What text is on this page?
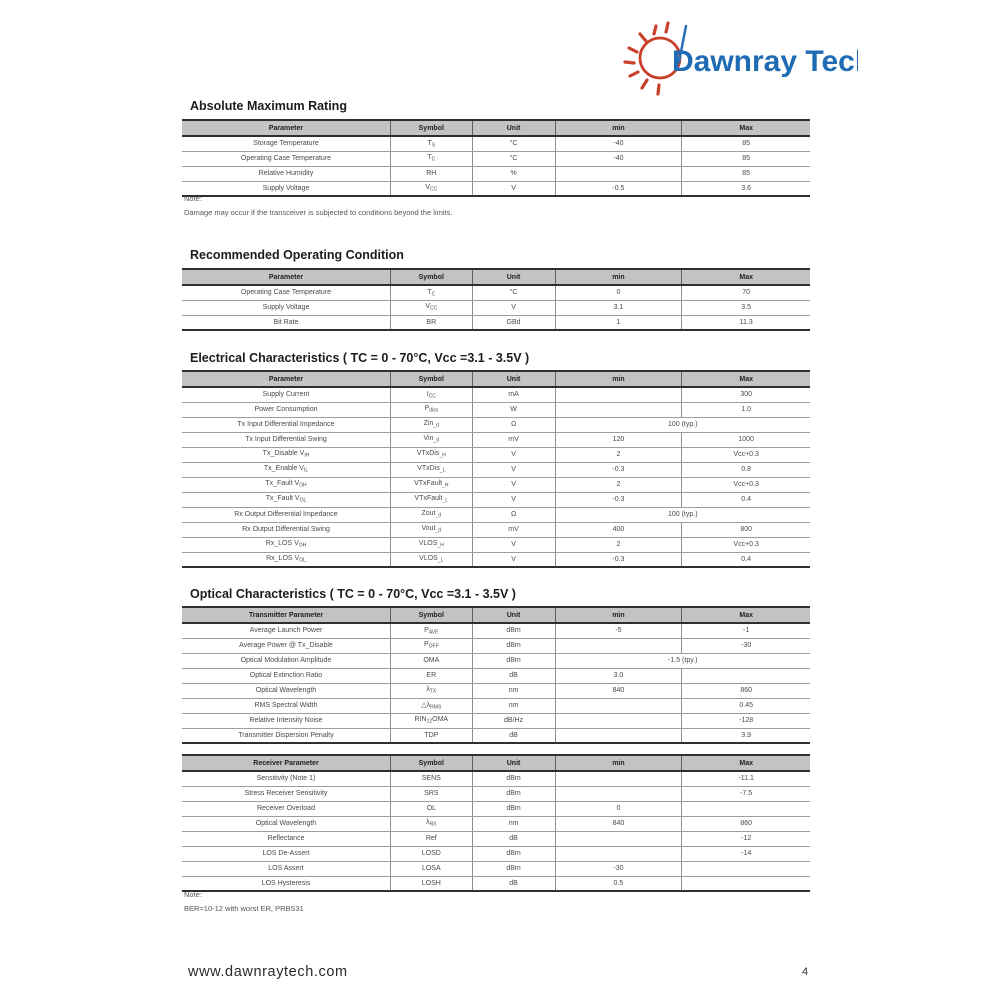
Dawnray Tech
Absolute Maximum Rating
Parameter	Symbol	Unit	min	Max
Storage Temperature	$T_S$	°C	-40	85
Operating Case Temperature	$T_C$	°C	-40	85
Relative Humidity	RH	%		85
Supply Voltage	$V_{CC}$	V	-0.5	3.6
Note:
Damage may occur if the transceiver is subjected to conditions beyond the limits.
Recommended Operating Condition
Parameter	Symbol	Unit	min	Max
Operating Case Temperature	$T_C$	°C	0	70
Supply Voltage	$V_{CC}$	V	3.1	3.5
Bit Rate	BR	GBd	1	11.3
Electrical Characteristics ( TC = 0 - 70°C, Vcc =3.1 - 3.5V )
Parameter	Symbol	Unit	min	Max
Supply Current	$I_{CC}$	mA		300
Power Consumption	$P_{diss}$	W		1.0
Tx Input Differential Impedance	Zin$_{\_d}$	Ω	100 (typ.)	
Tx Input Differential Swing	Vin$_{\_d}$	mV	120	1000
Tx_Disable $V_{IH}$	VTxDis$_{\_H}$	V	2	Vcc+0.3
Tx_Enable $V_{IL}$	VTxDis$_{\_L}$	V	-0.3	0.8
Tx_Fault $V_{OH}$	VTxFault$_{\_H}$	V	2	Vcc+0.3
Tx_Fault $V_{OL}$	VTxFault$_{\_L}$	V	-0.3	0.4
Rx Output Differential Impedance	Zout$_{\_d}$	Ω	100 (typ.)	
Rx Output Differential Swing	Vout$_{\_d}$	mV	400	800
Rx_LOS $V_{OH}$	$VLOS_{\_H}$	V	2	Vcc+0.3
Rx_LOS $V_{OL}$	$VLOS_{\_L}$	V	-0.3	0.4
Optical Characteristics ( TC = 0 - 70°C, Vcc =3.1 - 3.5V )
Transmitter Parameter	Symbol	Unit	min	Max
Average Launch Power	$P_{AVE}$	dBm	-5	-1
Average Power @ Tx_Disable	$P_{OFF}$	dBm		-30
Optical Modulation Amplitude	OMA	dBm	-1.5 (tpy.)	
Optical Extinction Ratio	ER	dB	3.0	
Optical Wavelength	$\lambda_{TX}$	nm	840	860
RMS Spectral Width	$\triangle\lambda_{RMS}$	nm		0.45
Relative Intensity Noise	$RIN_{12}OMA$	dB/Hz		-128
Transmitter Dispersion Penalty	TDP	dB		3.9
Receiver Parameter	Symbol	Unit	min	Max
Sensitivity (Note 1)	SENS	dBm		-11.1
Stress Receiver Sensitivity	SRS	dBm		-7.5
Receiver Overload	OL	dBm	0	
Optical Wavelength	$\lambda_{RX}$	nm	840	860
Reflectance	Ref	dB		-12
LOS De-Assert	LOSD	dBm		-14
LOS Assert	LOSA	dBm	-30	
LOS Hysteresis	LOSH	dB	0.5	
Note:
BER=10-12 with worst ER, PRBS31
www.dawnraytech.com	4
